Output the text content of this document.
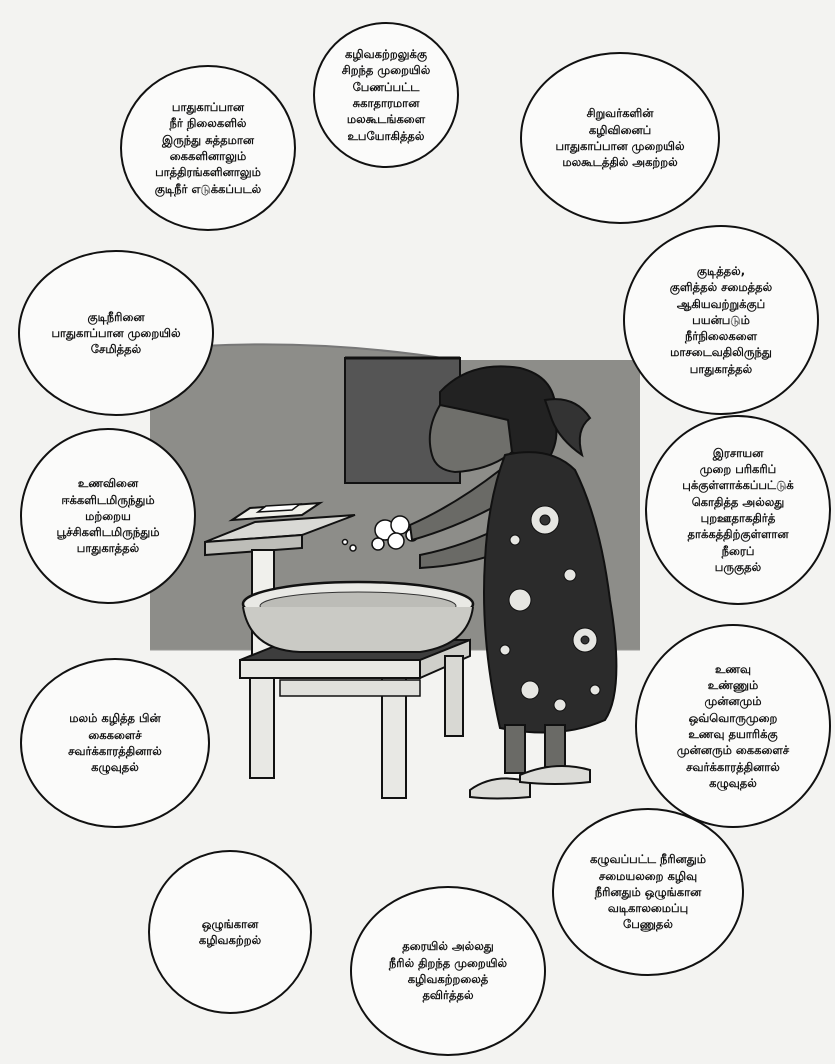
கழிவகற்றலுக்கு
சிறந்த முறையில்
பேணப்பட்ட
சுகாதாரமான
மலகூடங்களை
உபயோகித்தல்
பாதுகாப்பான
நீர் நிலைகளில்
இருந்து சுத்தமான
கைகளினாலும்
பாத்திரங்களினாலும்
குடிநீர் எடுக்கப்படல்
சிறுவர்களின்
கழிவினைப்
பாதுகாப்பான முறையில்
மலகூடத்தில் அகற்றல்
குடிநீரினை
பாதுகாப்பான முறையில்
சேமித்தல்
குடித்தல்,
குளித்தல் சமைத்தல்
ஆகியவற்றுக்குப்
பயன்படும்
நீர்நிலைகளை
மாசடைவதிலிருந்து
பாதுகாத்தல்
உணவினை
ஈக்களிடமிருந்தும்
மற்றைய
பூச்சிகளிடமிருந்தும்
பாதுகாத்தல்
இரசாயன
முறை பரிகரிப்
புக்குள்ளாக்கப்பட்டுக்
கொதித்த அல்லது
புறஊதாகதிர்த்
தாக்கத்திற்குள்ளான
நீரைப்
பருகுதல்
மலம் கழித்த பின்
கைகளைச்
சவர்க்காரத்தினால்
கழுவுதல்
உணவு
உண்ணும்
முன்னமும்
ஒவ்வொருமுறை
உணவு தயாரிக்கு
முன்னரும் கைகளைச்
சவர்க்காரத்தினால்
கழுவுதல்
கழுவப்பட்ட நீரினதும்
சமையலறை கழிவு
நீரினதும் ஒழுங்கான
வடிகாலமைப்பு
பேணுதல்
ஒழுங்கான
கழிவகற்றல்	தரையில் அல்லது
நீரில் திறந்த முறையில்
கழிவகற்றலைத்
தவிர்த்தல்
